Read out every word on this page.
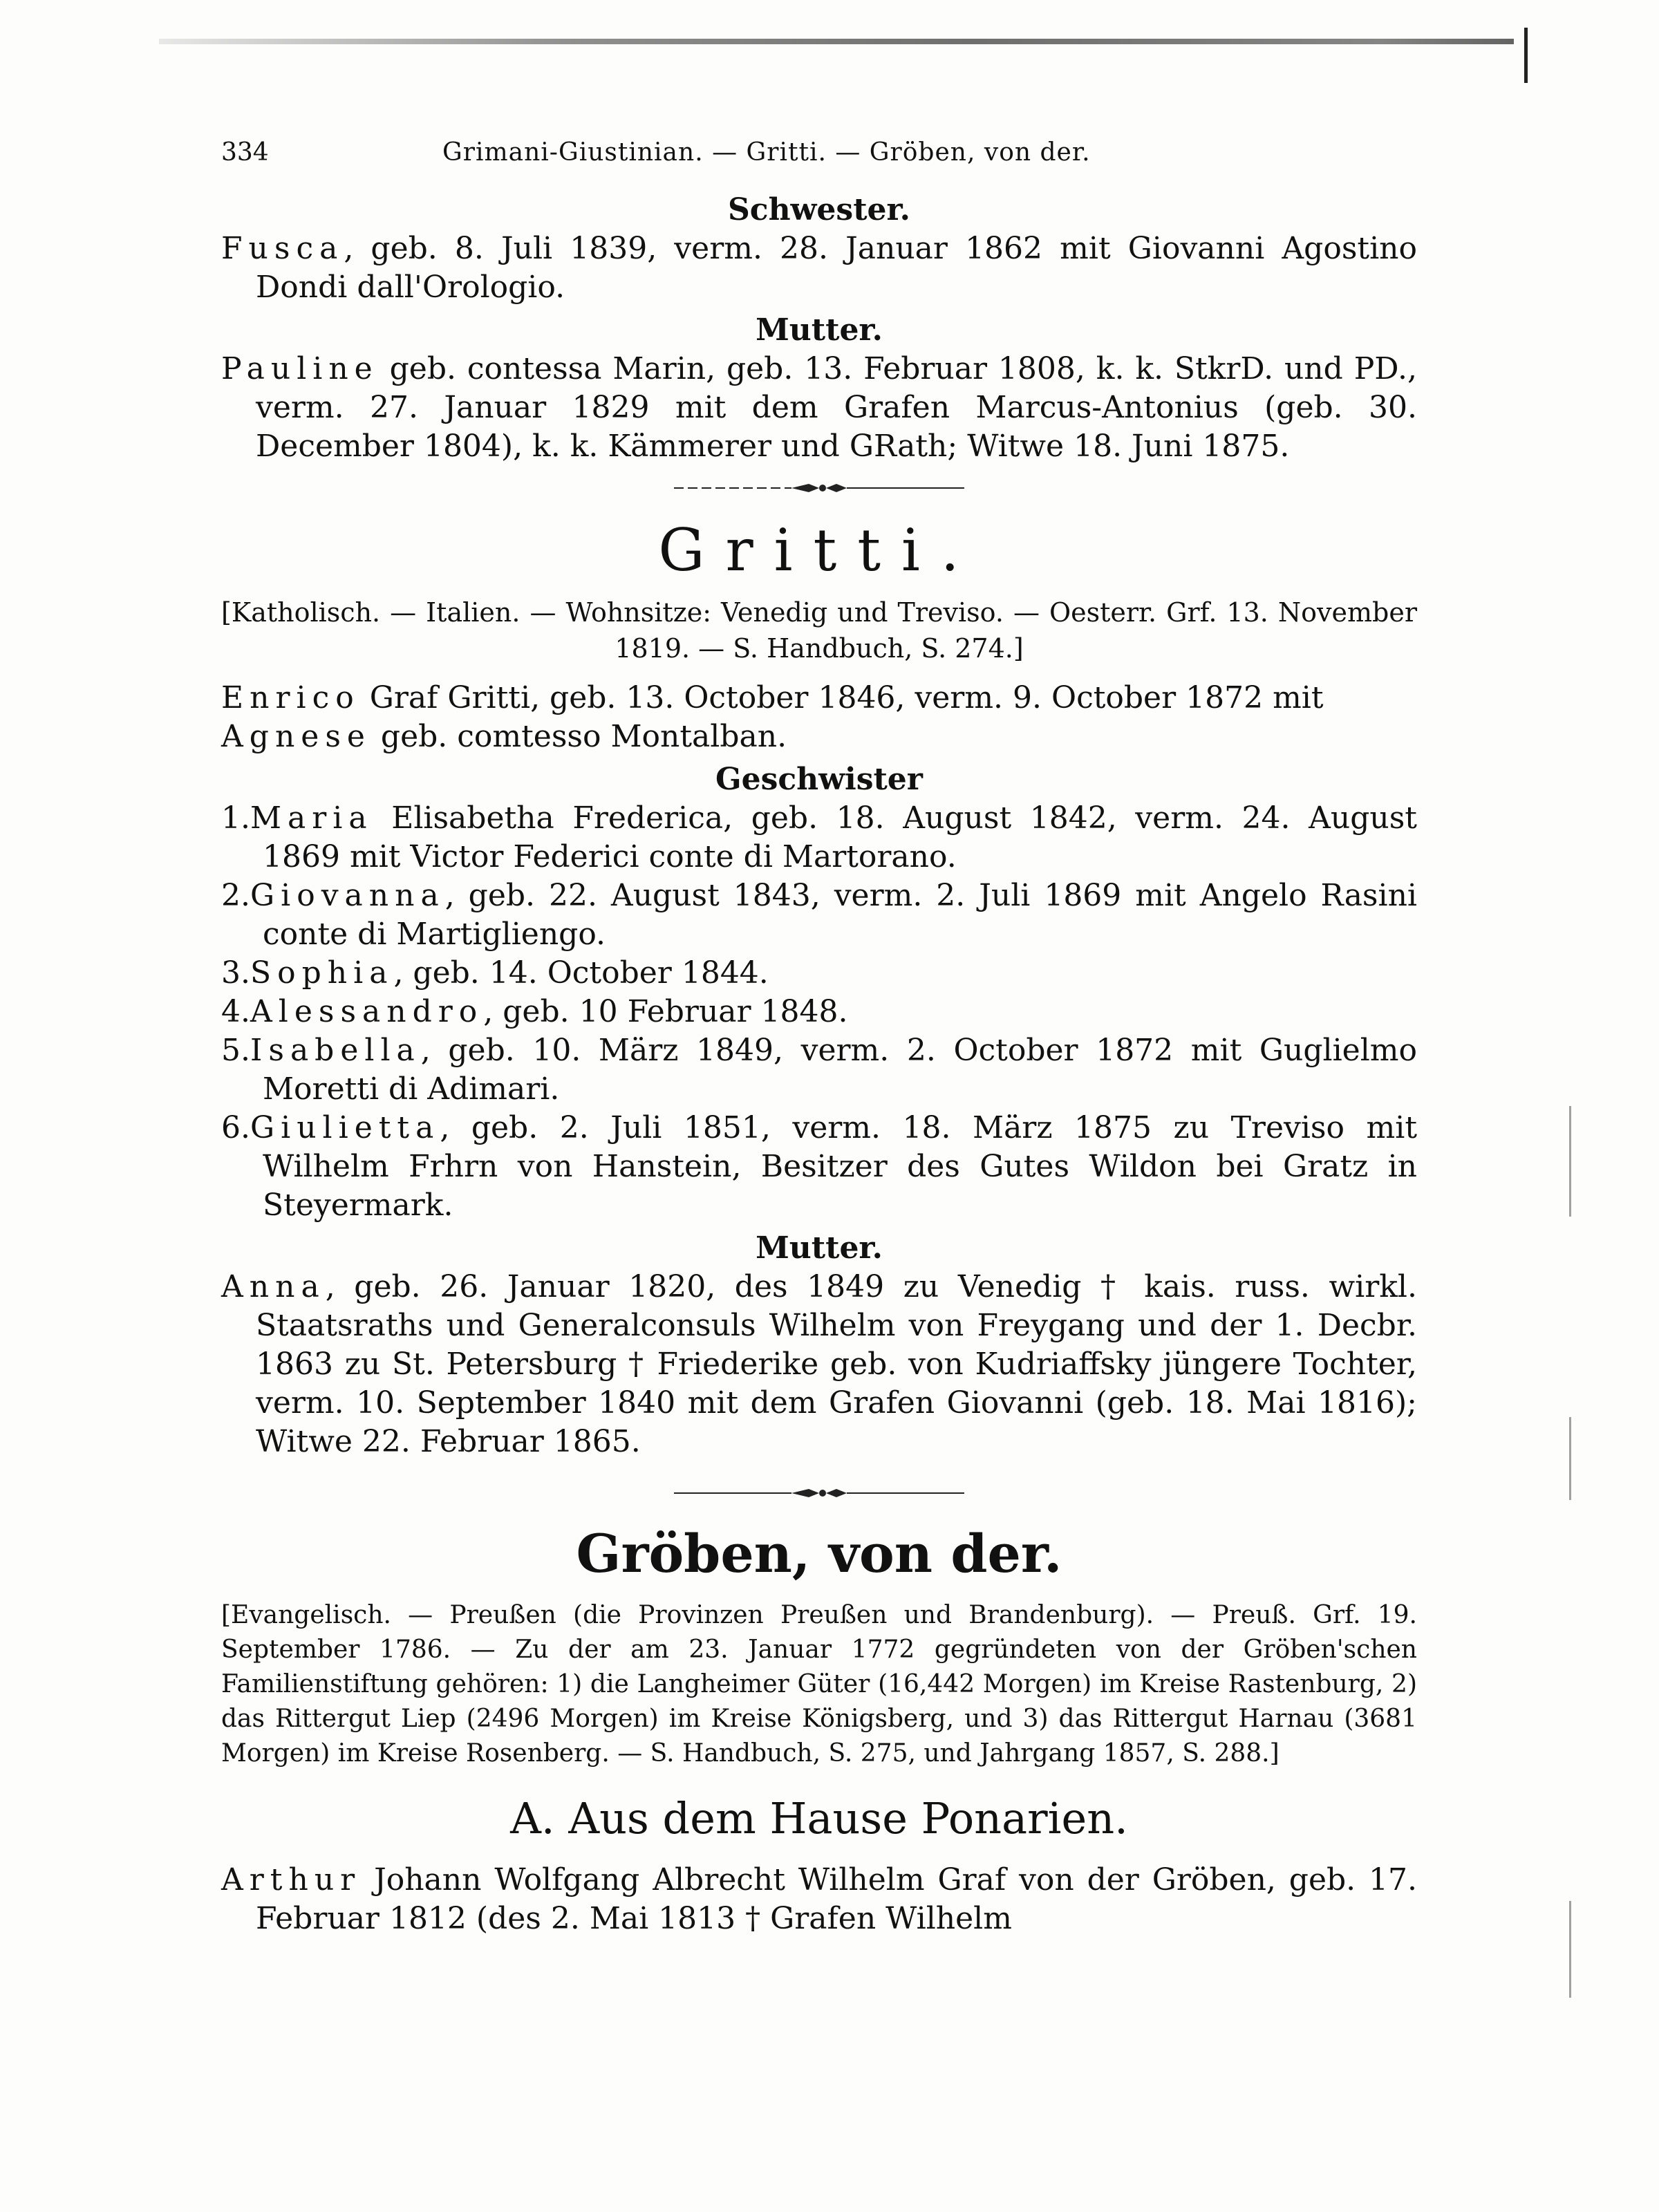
334	Grimani-Giustinian. — Gritti. — Gröben, von der.
Schwester.
Fusca, geb. 8. Juli 1839, verm. 28. Januar 1862 mit Giovanni Agostino Dondi dall'Orologio.
Mutter.
Pauline geb. contessa Marin, geb. 13. Februar 1808, k. k. StkrD. und PD., verm. 27. Januar 1829 mit dem Grafen Marcus-Antonius (geb. 30. December 1804), k. k. Kämmerer und GRath; Witwe 18. Juni 1875.
Gritti.
[Katholisch. — Italien. — Wohnsitze: Venedig und Treviso. — Oesterr. Grf. 13. November 1819. — S. Handbuch, S. 274.]
Enrico Graf Gritti, geb. 13. October 1846, verm. 9. October 1872 mit
Agnese geb. comtesso Montalban.
Geschwister
1.Maria Elisabetha Frederica, geb. 18. August 1842, verm. 24. August 1869 mit Victor Federici conte di Martorano.
2.Giovanna, geb. 22. August 1843, verm. 2. Juli 1869 mit Angelo Rasini conte di Martigliengo.
3.Sophia, geb. 14. October 1844.
4.Alessandro, geb. 10 Februar 1848.
5.Isabella, geb. 10. März 1849, verm. 2. October 1872 mit Guglielmo Moretti di Adimari.
6.Giulietta, geb. 2. Juli 1851, verm. 18. März 1875 zu Treviso mit Wilhelm Frhrn von Hanstein, Besitzer des Gutes Wildon bei Gratz in Steyermark.
Mutter.
Anna, geb. 26. Januar 1820, des 1849 zu Venedig † kais. russ. wirkl. Staatsraths und Generalconsuls Wilhelm von Freygang und der 1. Decbr. 1863 zu St. Petersburg † Friederike geb. von Kudriaffsky jüngere Tochter, verm. 10. September 1840 mit dem Grafen Giovanni (geb. 18. Mai 1816); Witwe 22. Februar 1865.
Gröben, von der.
[Evangelisch. — Preußen (die Provinzen Preußen und Brandenburg). — Preuß. Grf. 19. September 1786. — Zu der am 23. Januar 1772 gegründeten von der Gröben'schen Familienstiftung gehören: 1) die Langheimer Güter (16,442 Morgen) im Kreise Rastenburg, 2) das Rittergut Liep (2496 Morgen) im Kreise Königsberg, und 3) das Rittergut Harnau (3681 Morgen) im Kreise Rosenberg. — S. Handbuch, S. 275, und Jahrgang 1857, S. 288.]
A. Aus dem Hause Ponarien.
Arthur Johann Wolfgang Albrecht Wilhelm Graf von der Gröben, geb. 17. Februar 1812 (des 2. Mai 1813 † Grafen Wilhelm
